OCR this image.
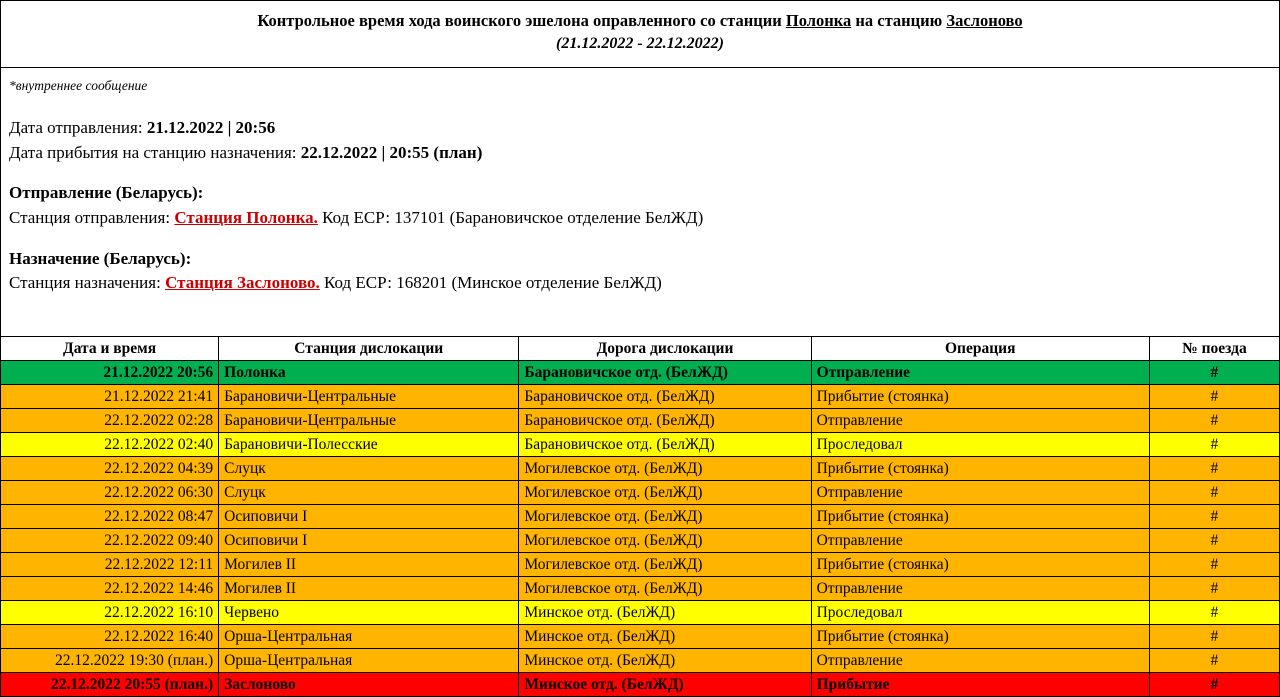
Контрольное время хода воинского эшелона оправленного со станции Полонка на станцию Заслоново
(21.12.2022 - 22.12.2022)
*внутреннее сообщение
Дата отправления: 21.12.2022 | 20:56
Дата прибытия на станцию назначения: 22.12.2022 | 20:55 (план)
Отправление (Беларусь):
Станция отправления: Станция Полонка. Код ЕСР: 137101 (Барановичское отделение БелЖД)
Назначение (Беларусь):
Станция назначения: Станция Заслоново. Код ЕСР: 168201 (Минское отделение БелЖД)
Дата и время	Станция дислокации	Дорога дислокации	Операция	№ поезда
21.12.2022 20:56	Полонка	Барановичское отд. (БелЖД)	Отправление	#
21.12.2022 21:41	Барановичи-Центральные	Барановичское отд. (БелЖД)	Прибытие (стоянка)	#
22.12.2022 02:28	Барановичи-Центральные	Барановичское отд. (БелЖД)	Отправление	#
22.12.2022 02:40	Барановичи-Полесские	Барановичское отд. (БелЖД)	Проследовал	#
22.12.2022 04:39	Слуцк	Могилевское отд. (БелЖД)	Прибытие (стоянка)	#
22.12.2022 06:30	Слуцк	Могилевское отд. (БелЖД)	Отправление	#
22.12.2022 08:47	Осиповичи I	Могилевское отд. (БелЖД)	Прибытие (стоянка)	#
22.12.2022 09:40	Осиповичи I	Могилевское отд. (БелЖД)	Отправление	#
22.12.2022 12:11	Могилев II	Могилевское отд. (БелЖД)	Прибытие (стоянка)	#
22.12.2022 14:46	Могилев II	Могилевское отд. (БелЖД)	Отправление	#
22.12.2022 16:10	Червено	Минское отд. (БелЖД)	Проследовал	#
22.12.2022 16:40	Орша-Центральная	Минское отд. (БелЖД)	Прибытие (стоянка)	#
22.12.2022 19:30 (план.)	Орша-Центральная	Минское отд. (БелЖД)	Отправление	#
22.12.2022 20:55 (план.)	Заслоново	Минское отд. (БелЖД)	Прибытие	#
